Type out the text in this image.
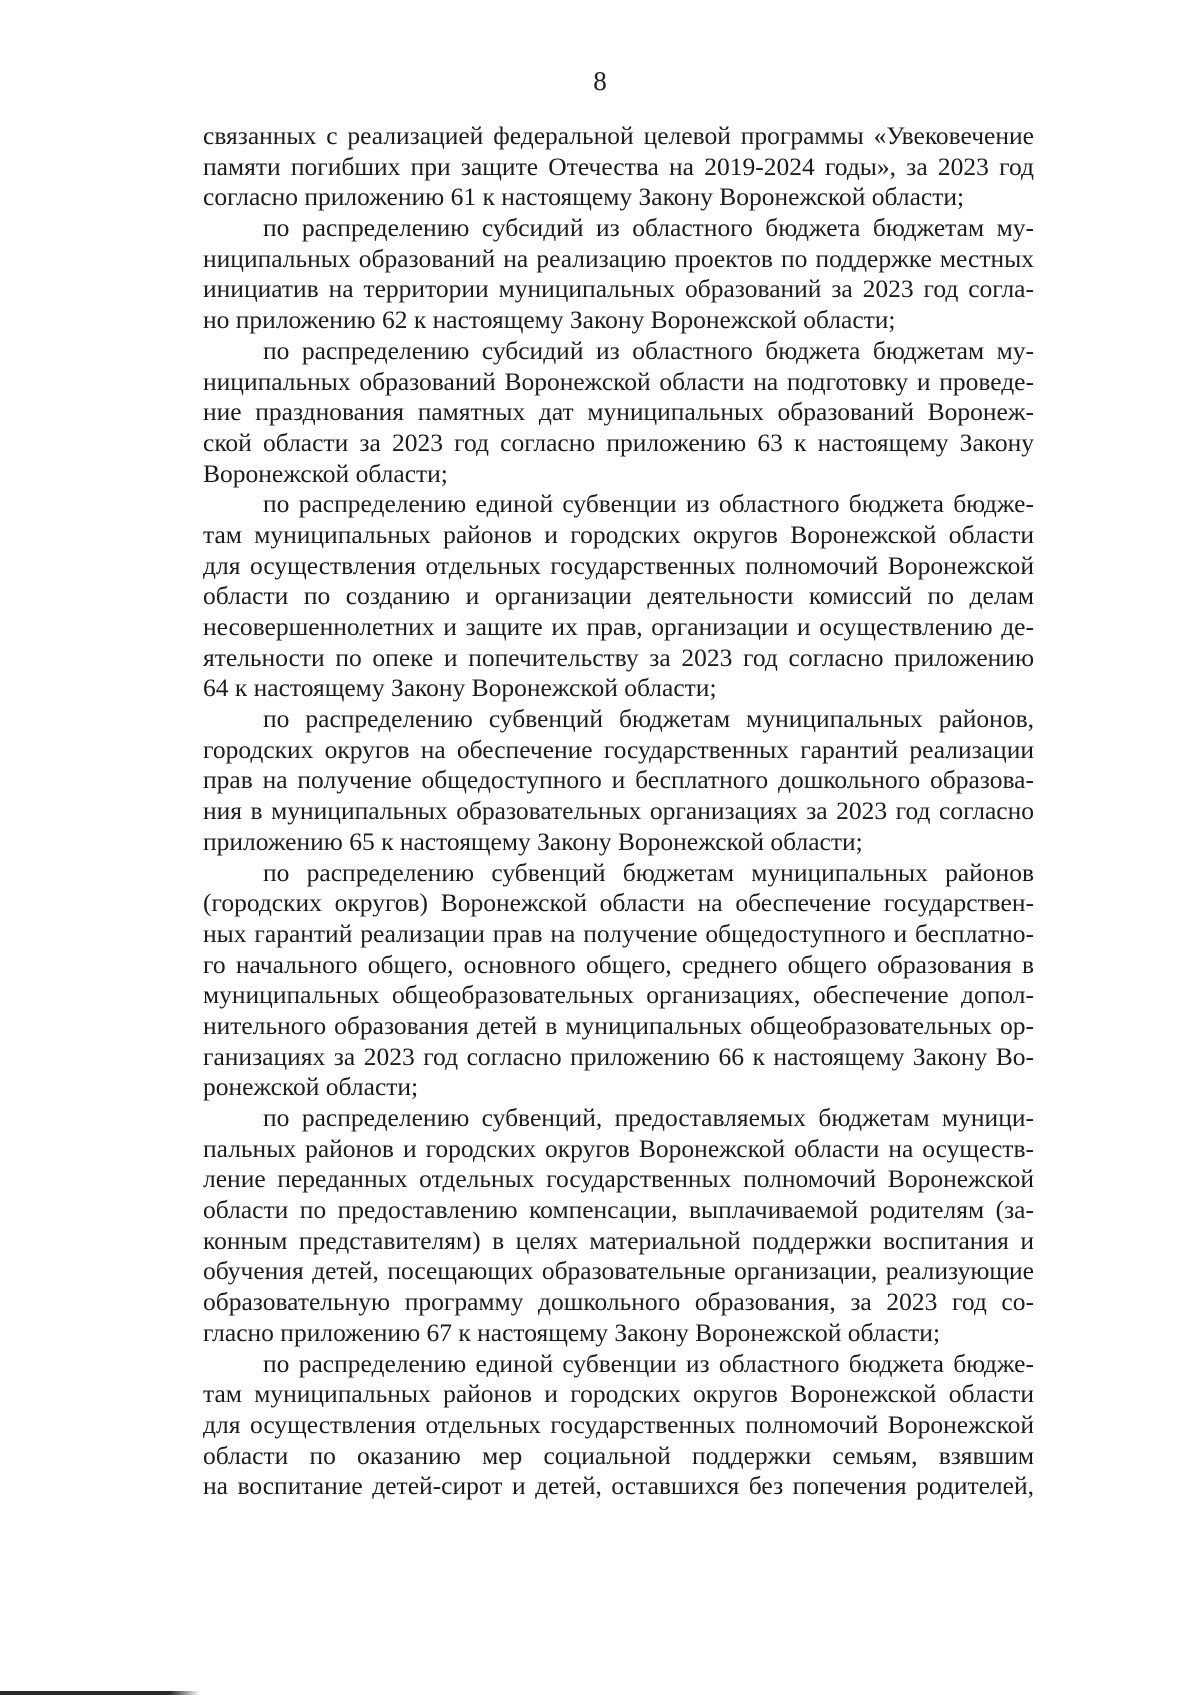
8

связанных с реализацией федеральной целевой программы «Увековечение
памяти погибших при защите Отечества на 2019-2024 годы», за 2023 год
согласно приложению 61 к настоящему Закону Воронежской области;

по распределению субсидий из областного бюджета бюджетам му-
ниципальных образований на реализацию проектов по поддержке местных
инициатив на территории муниципальных образований за 2023 год согла-
но приложению 62 к настоящему Закону Воронежской области;

по распределению субсидий из областного бюджета бюджетам му-
ниципальных образований Воронежской области на подготовку и проведе-
ние празднования памятных дат муниципальных образований Воронеж-
ской области за 2023 год согласно приложению 63 к настоящему Закону
Воронежской области;

по распределению единой субвенции из областного бюджета бюдже-
там муниципальных районов и городских округов Воронежской области
для осуществления отдельных государственных полномочий Воронежской
области по созданию и организации деятельности комиссий по делам
несовершеннолетних и защите их прав, организации и осуществлению де-
ятельности по опеке и попечительству за 2023 год согласно приложению
64 к настоящему Закону Воронежской области;

по распределению субвенций бюджетам муниципальных районов,
городских округов на обеспечение государственных гарантий реализации
прав на получение общедоступного и бесплатного дошкольного образова-
ния в муниципальных образовательных организациях за 2023 год согласно
приложению 65 к настоящему Закону Воронежской области;

по распределению субвенций бюджетам муниципальных районов
(городских округов) Воронежской области на обеспечение государствен-
ных гарантий реализации прав на получение общедоступного и бесплатно-
го начального общего, основного общего, среднего общего образования в
муниципальных общеобразовательных организациях, обеспечение допол-
нительного образования детей в муниципальных общеобразовательных ор-
ганизациях за 2023 год согласно приложению 66 к настоящему Закону Во-
ронежской области;

по распределению субвенций, предоставляемых бюджетам муници-
пальных районов и городских округов Воронежской области на осуществ-
ление переданных отдельных государственных полномочий Воронежской
области по предоставлению компенсации, выплачиваемой родителям (за-
конным представителям) в целях материальной поддержки воспитания и
обучения детей, посещающих образовательные организации, реализующие
образовательную программу дошкольного образования, за 2023 год со-
гласно приложению 67 к настоящему Закону Воронежской области;

по распределению единой субвенции из областного бюджета бюдже-
там муниципальных районов и городских округов Воронежской области
для осуществления отдельных государственных полномочий Воронежской
области по оказанию мер социальной поддержки семьям, взявшим
на воспитание детей-сирот и детей, оставшихся без попечения родителей,
